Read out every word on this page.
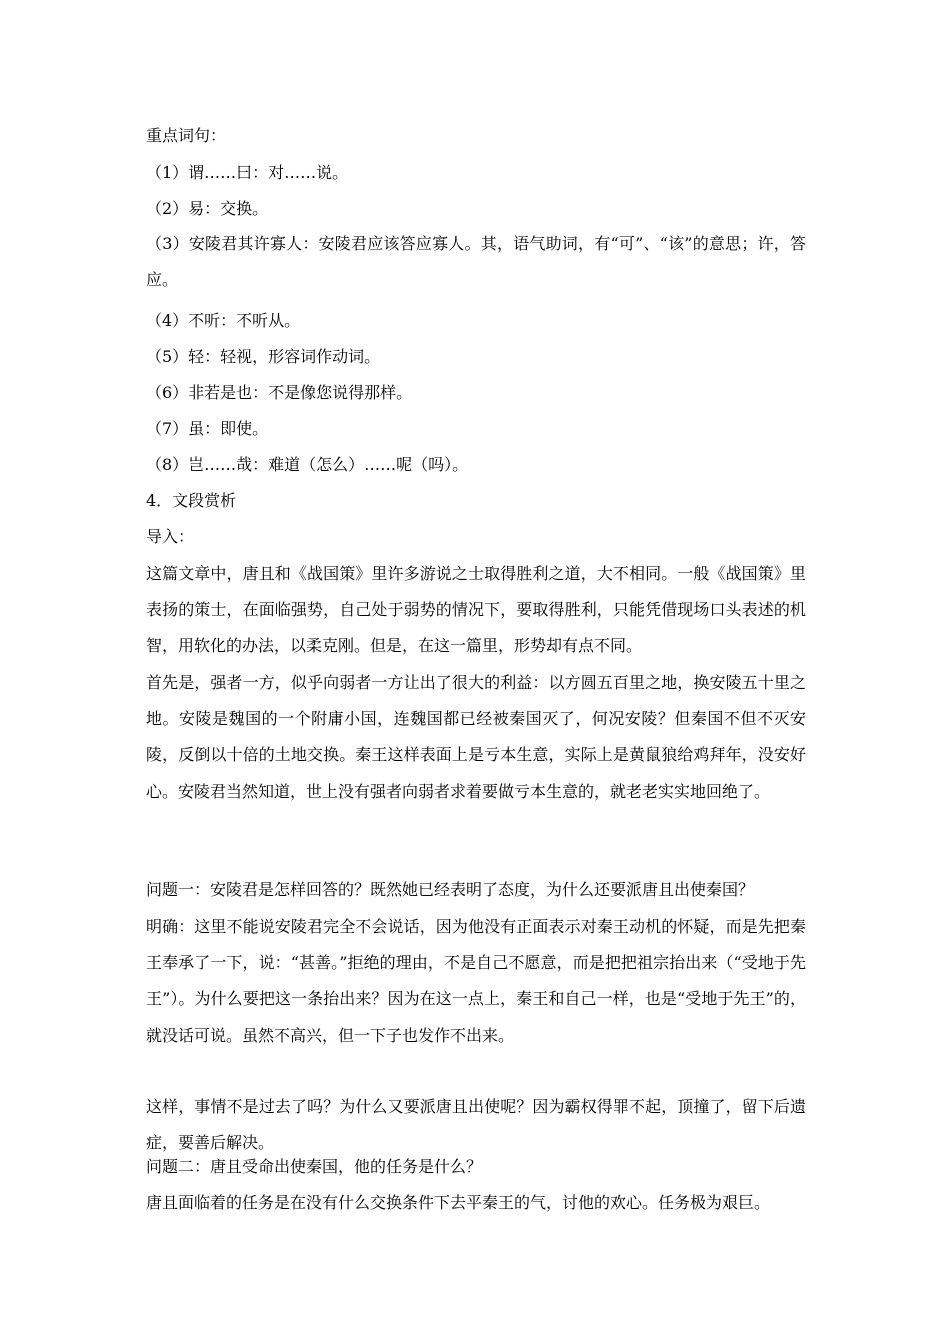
重点词句：
（1）谓……曰：对……说。
（2）易：交换。

（3）安陵君其许寡人：安陵君应该答应寡人。其，语气助词，有“可”、“该”的意思；许，答应。

（4）不听：不听从。
（5）轻：轻视，形容词作动词。
（6）非若是也：不是像您说得那样。
（7）虽：即使。
（8）岂……哉：难道（怎么）……呢（吗）。
4．文段赏析
导入：

这篇文章中，唐且和《战国策》里许多游说之士取得胜利之道，大不相同。一般《战国策》里表扬的策士，在面临强势，自己处于弱势的情况下，要取得胜利，只能凭借现场口头表述的机智，用软化的办法，以柔克刚。但是，在这一篇里，形势却有点不同。

首先是，强者一方，似乎向弱者一方让出了很大的利益：以方圆五百里之地，换安陵五十里之地。安陵是魏国的一个附庸小国，连魏国都已经被秦国灭了，何况安陵？但秦国不但不灭安陵，反倒以十倍的土地交换。秦王这样表面上是亏本生意，实际上是黄鼠狼给鸡拜年，没安好心。安陵君当然知道，世上没有强者向弱者求着要做亏本生意的，就老老实实地回绝了。

问题一：安陵君是怎样回答的？既然她已经表明了态度，为什么还要派唐且出使秦国？

明确：这里不能说安陵君完全不会说话，因为他没有正面表示对秦王动机的怀疑，而是先把秦王奉承了一下，说：“甚善。”拒绝的理由，不是自己不愿意，而是把把祖宗抬出来（“受地于先王”）。为什么要把这一条抬出来？因为在这一点上，秦王和自己一样，也是“受地于先王”的，就没话可说。虽然不高兴，但一下子也发作不出来。

这样，事情不是过去了吗？为什么又要派唐且出使呢？因为霸权得罪不起，顶撞了，留下后遗症，要善后解决。

问题二：唐且受命出使秦国，他的任务是什么？
唐且面临着的任务是在没有什么交换条件下去平秦王的气，讨他的欢心。任务极为艰巨。
